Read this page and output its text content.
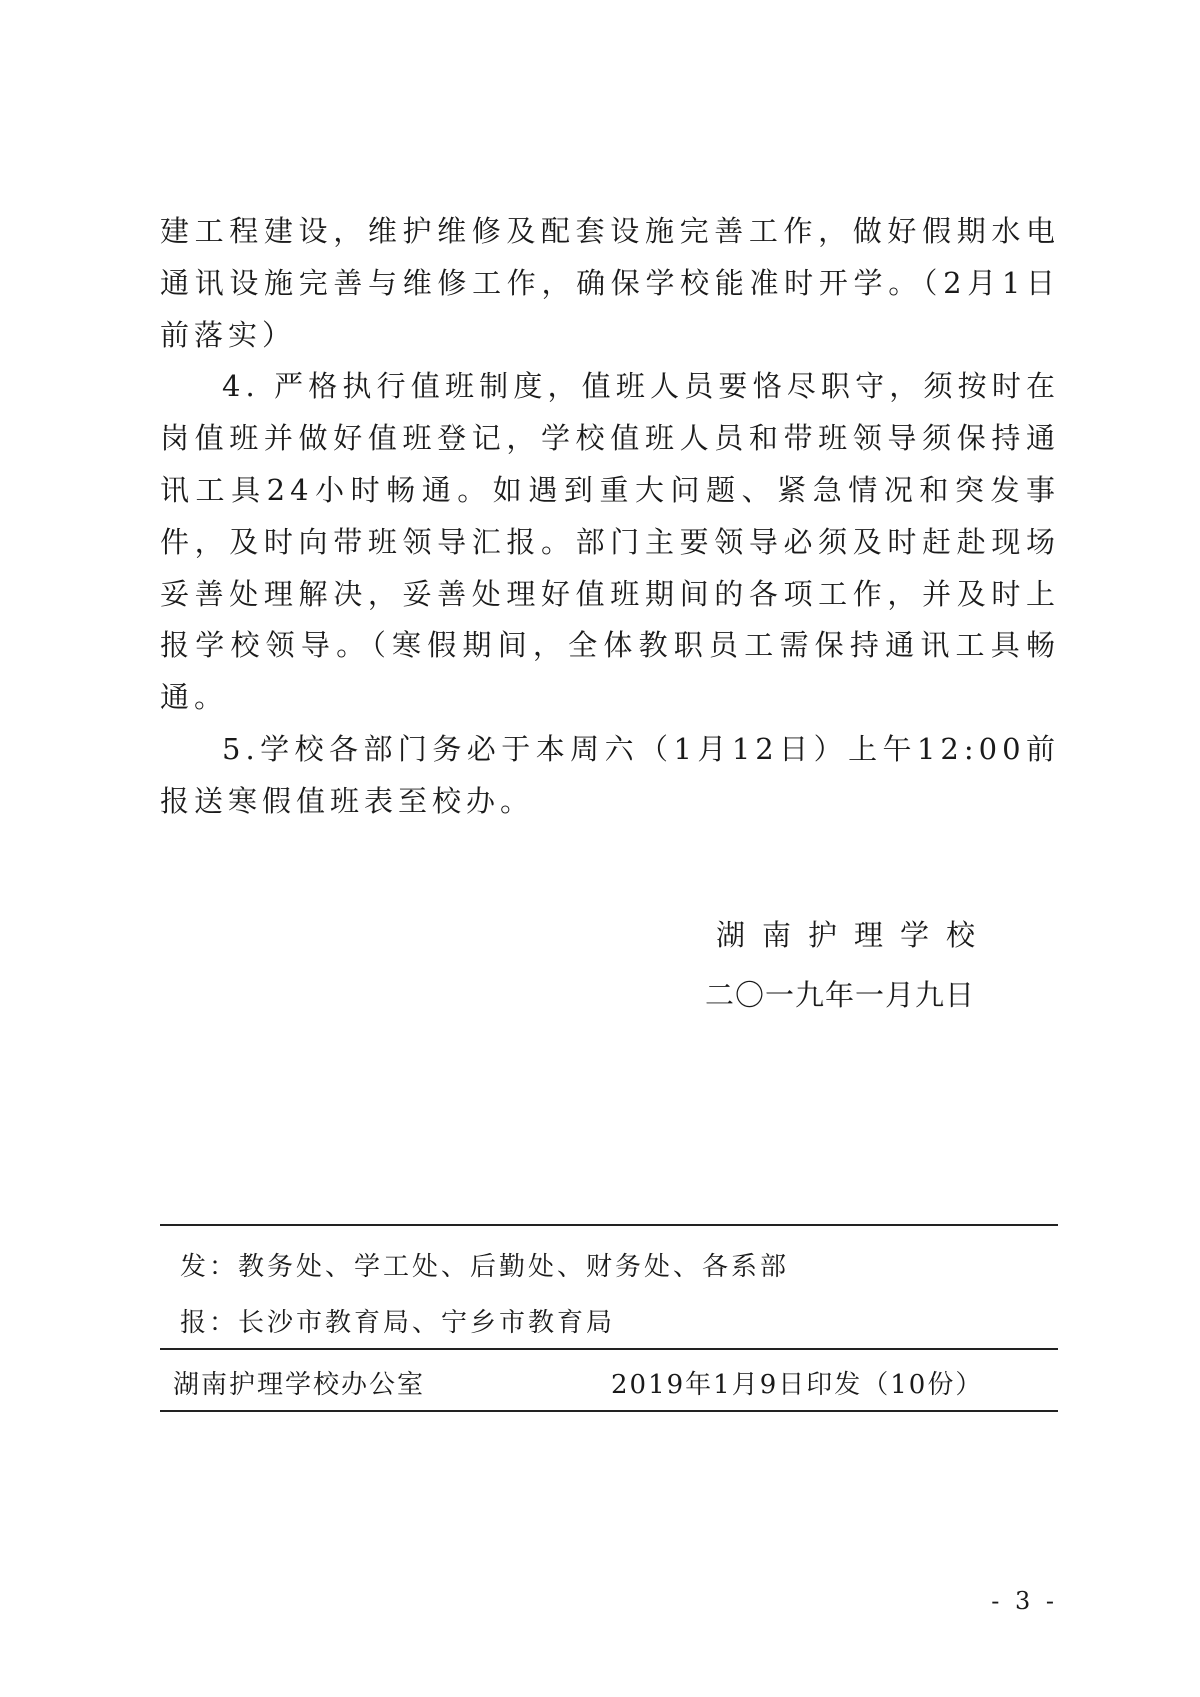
建工程建设，维护维修及配套设施完善工作，做好假期水电通讯设施完善与维修工作，确保学校能准时开学。（2月1日前落实）

4. 严格执行值班制度，值班人员要恪尽职守，须按时在岗值班并做好值班登记，学校值班人员和带班领导须保持通讯工具24小时畅通。如遇到重大问题、紧急情况和突发事件，及时向带班领导汇报。部门主要领导必须及时赶赴现场妥善处理解决，妥善处理好值班期间的各项工作，并及时上报学校领导。（寒假期间，全体教职员工需保持通讯工具畅通。

5.学校各部门务必于本周六（1月12日）上午12:00前报送寒假值班表至校办。

湖南护理学校
二〇一九年一月九日
发：教务处、学工处、后勤处、财务处、各系部
报：长沙市教育局、宁乡市教育局
湖南护理学校办公室	2019年1月9日印发（10份）
- 3 -
